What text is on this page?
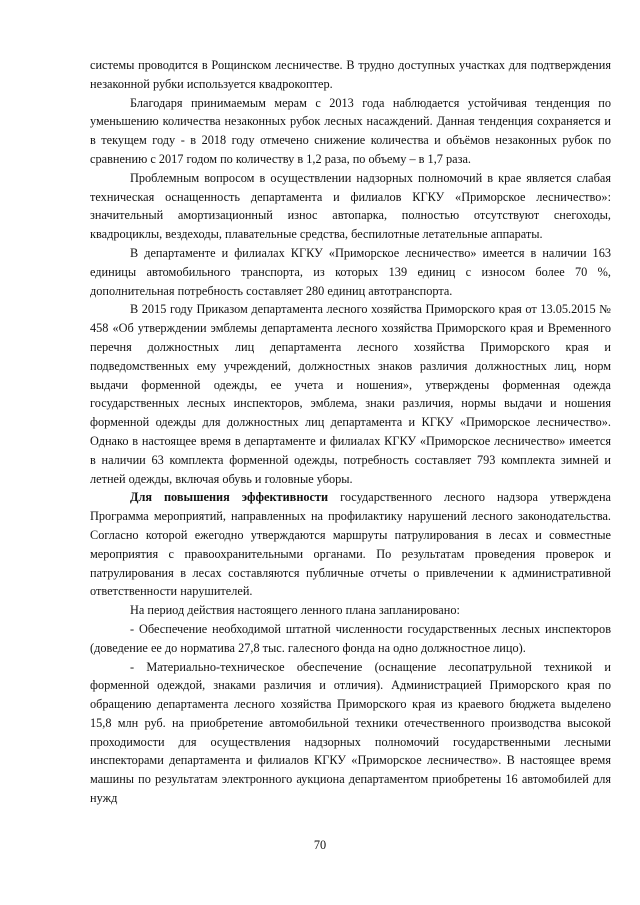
системы проводится в Рощинском лесничестве. В трудно доступных участках для подтверждения незаконной рубки используется квадрокоптер.

Благодаря принимаемым мерам с 2013 года наблюдается устойчивая тенденция по уменьшению количества незаконных рубок лесных насаждений. Данная тенденция сохраняется и в текущем году - в 2018 году отмечено снижение количества и объёмов незаконных рубок по сравнению с 2017 годом по количеству в 1,2 раза, по объему – в 1,7 раза.

Проблемным вопросом в осуществлении надзорных полномочий в крае является слабая техническая оснащенность департамента и филиалов КГКУ «Приморское лесничество»: значительный амортизационный износ автопарка, полностью отсутствуют снегоходы, квадроциклы, вездеходы, плавательные средства, беспилотные летательные аппараты.

В департаменте и филиалах КГКУ «Приморское лесничество» имеется в наличии 163 единицы автомобильного транспорта, из которых 139 единиц с износом более 70 %, дополнительная потребность составляет 280 единиц автотранспорта.

В 2015 году Приказом департамента лесного хозяйства Приморского края от 13.05.2015 № 458 «Об утверждении эмблемы департамента лесного хозяйства Приморского края и Временного перечня должностных лиц департамента лесного хозяйства Приморского края и подведомственных ему учреждений, должностных знаков различия должностных лиц, норм выдачи форменной одежды, ее учета и ношения», утверждены форменная одежда государственных лесных инспекторов, эмблема, знаки различия, нормы выдачи и ношения форменной одежды для должностных лиц департамента и КГКУ «Приморское лесничество». Однако в настоящее время в департаменте и филиалах КГКУ «Приморское лесничество» имеется в наличии 63 комплекта форменной одежды, потребность составляет 793 комплекта зимней и летней одежды, включая обувь и головные уборы.

Для повышения эффективности государственного лесного надзора утверждена Программа мероприятий, направленных на профилактику нарушений лесного законодательства. Согласно которой ежегодно утверждаются маршруты патрулирования в лесах и совместные мероприятия с правоохранительными органами. По результатам проведения проверок и патрулирования в лесах составляются публичные отчеты о привлечении к административной ответственности нарушителей.

На период действия настоящего ленного плана запланировано:

- Обеспечение необходимой штатной численности государственных лесных инспекторов (доведение ее до норматива 27,8 тыс. галесного фонда на одно должностное лицо).

- Материально-техническое обеспечение (оснащение лесопатрульной техникой и форменной одеждой, знаками различия и отличия). Администрацией Приморского края по обращению департамента лесного хозяйства Приморского края из краевого бюджета выделено 15,8 млн руб. на приобретение автомобильной техники отечественного производства высокой проходимости для осуществления надзорных полномочий государственными лесными инспекторами департамента и филиалов КГКУ «Приморское лесничество». В настоящее время машины по результатам электронного аукциона департаментом приобретены 16 автомобилей для нужд

70
